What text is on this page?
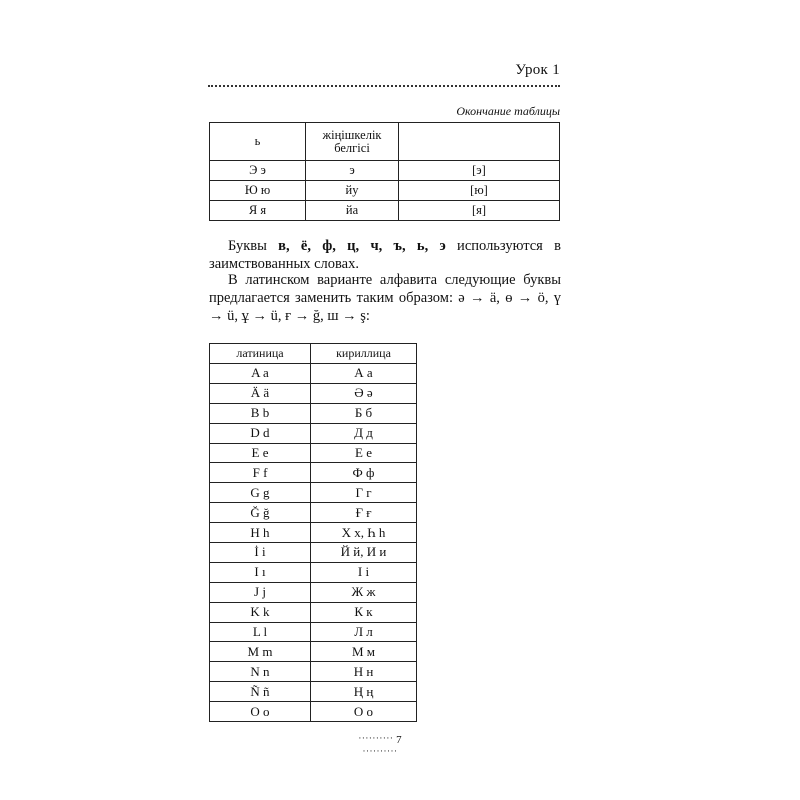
Урок 1
Окончание таблицы
ь	жіңішкелік белгісі	
Э э	э	[э]
Ю ю	йу	[ю]
Я я	йа	[я]

Буквы в, ё, ф, ц, ч, ъ, ь, э используются в заимствованных словах.

В латинском варианте алфавита следующие буквы предлагается заменить таким образом: ə → ä, ө → ö, ү → ü, ұ → ü, ғ → ğ, ш → ş:

латиница	кириллица
A a	А а
Ä ä	Ә ә
B b	Б б
D d	Д д
E e	Е е
F f	Ф ф
G g	Г г
Ğ ğ	Ғ ғ
H h	Х х, Һ һ
İ i	Й й, И и
I ı	І і
J j	Ж ж
K k	К к
L l	Л л
M m	М м
N n	Н н
Ñ ñ	Ң ң
O o	О о
·········· 7 ··········
